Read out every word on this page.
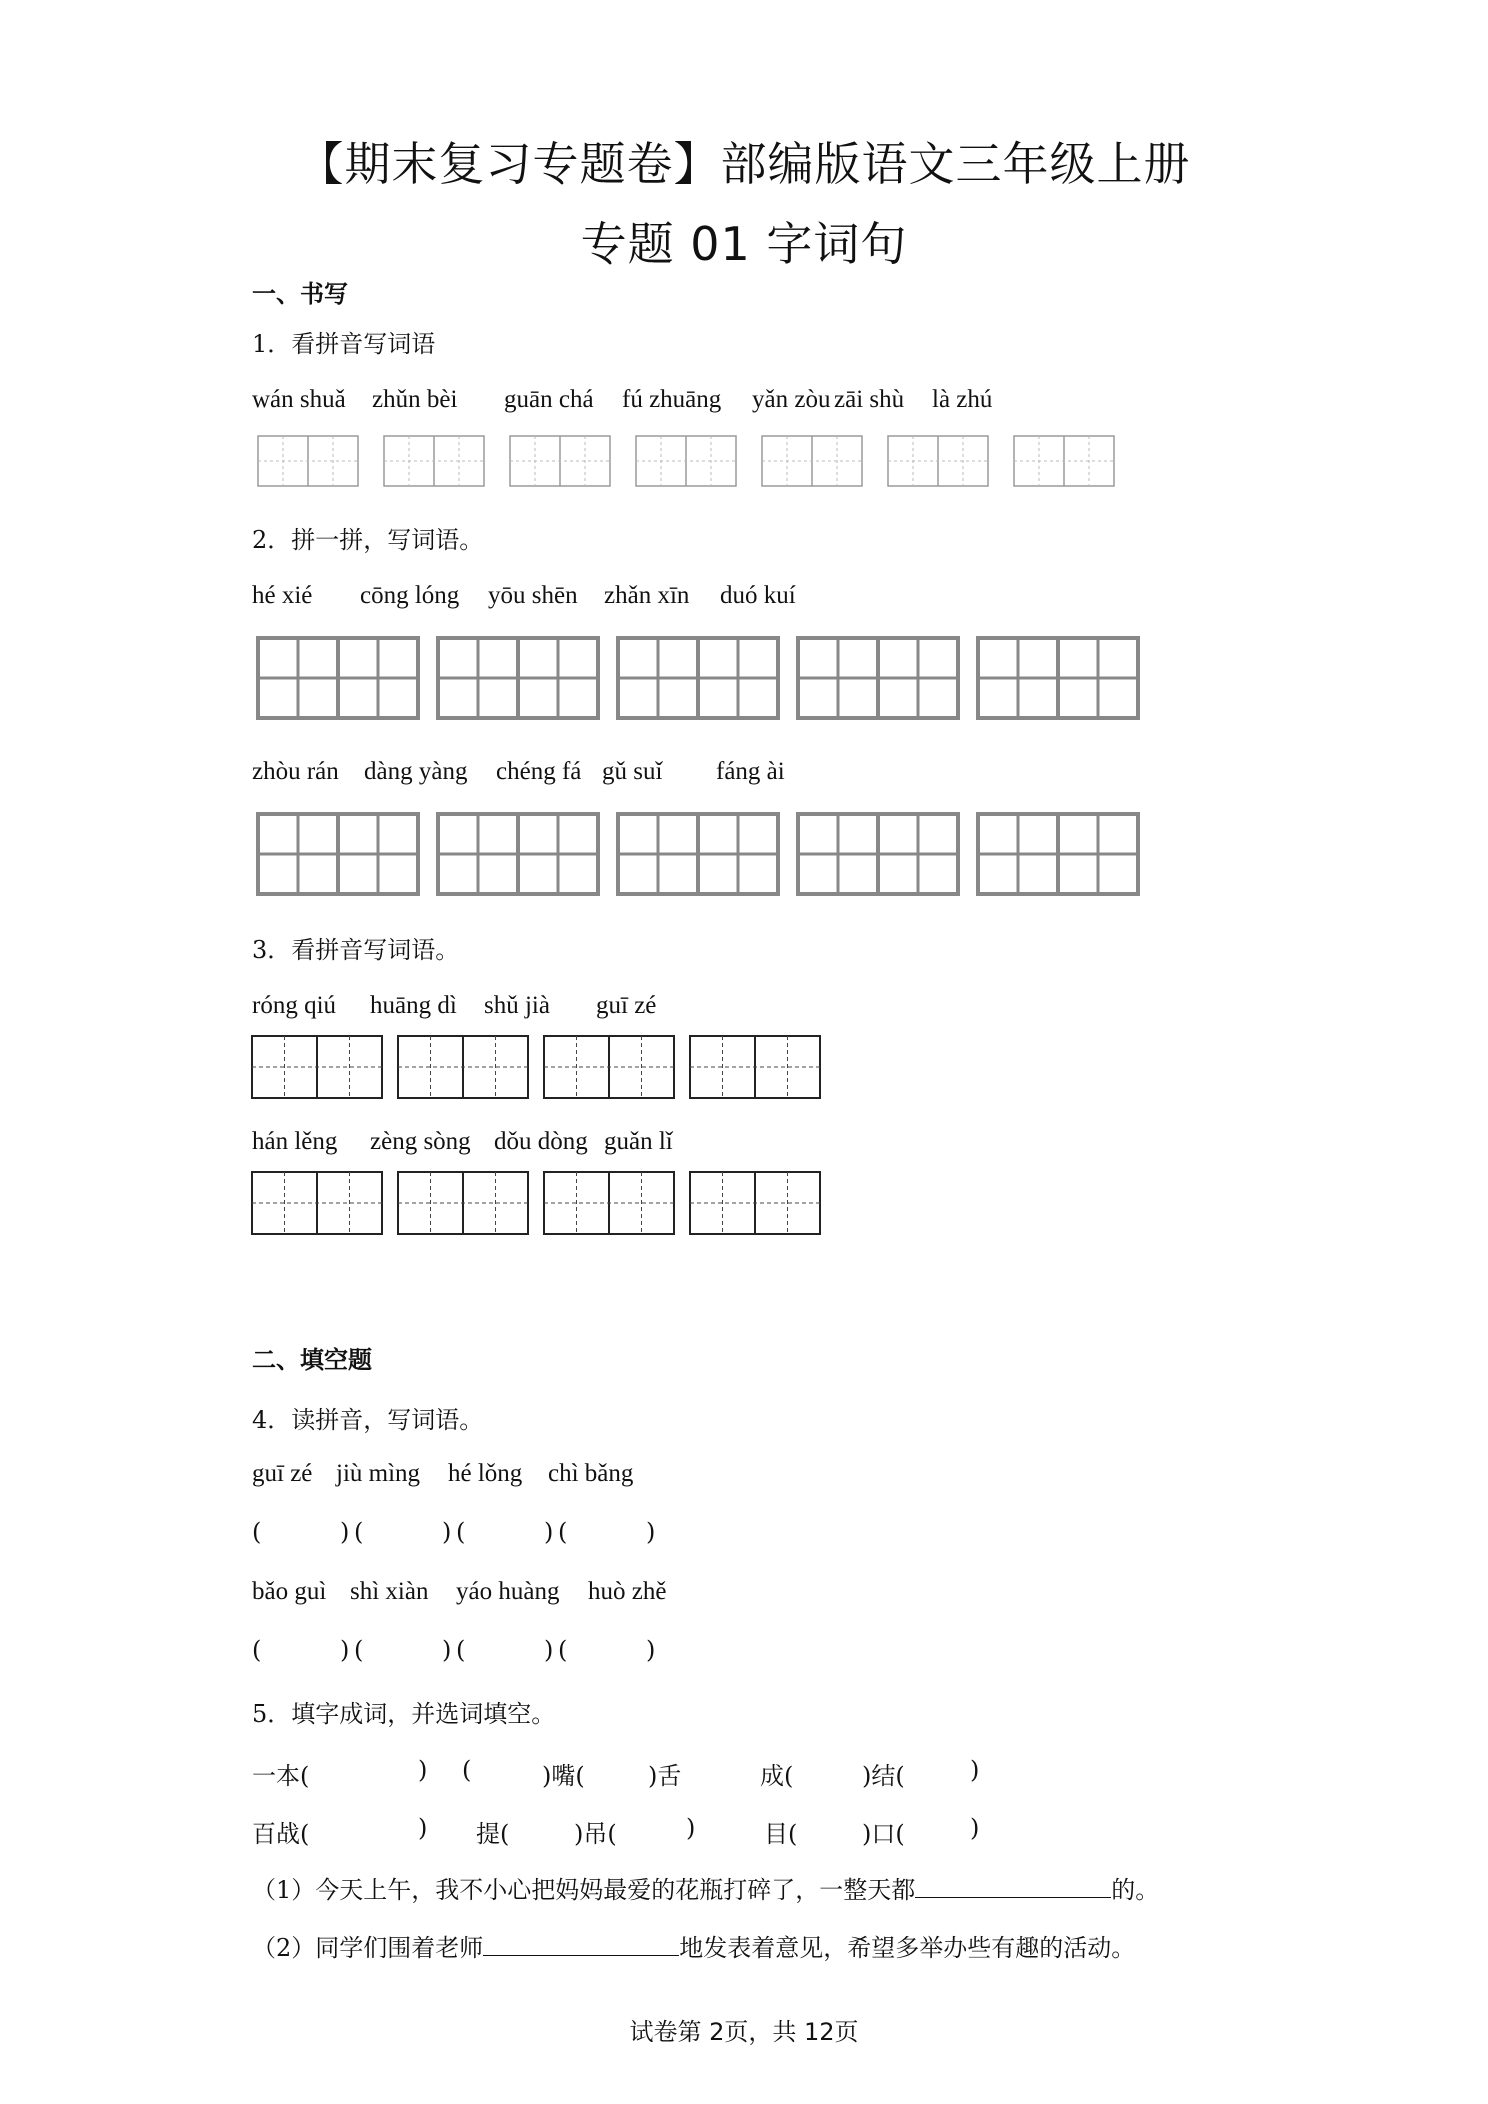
【期末复习专题卷】部编版语文三年级上册
专题 01 字词句
一、书写
1．看拼音写词语
wán shuǎ zhǔn bèi guān chá fú zhuāng yǎn zòu zāi shù là zhú
2．拼一拼，写词语。
hé xié cōng lóng yōu shēn zhǎn xīn duó kuí
zhòu rán dàng yàng chéng fá gǔ suǐ fáng ài
3．看拼音写词语。
róng qiú huāng dì shǔ jià guī zé
hán lěng zèng sòng dǒu dòng guǎn lǐ
二、填空题
4．读拼音，写词语。
guī zé jiù mìng hé lǒng chì bǎng
(	) (	) (	) (	)
bǎo guì shì xiàn yáo huàng huò zhě
(	) (	) (	) (	)
5．填字成词，并选词填空。
一本(	) (	)嘴(	)舌	成(	)结(	)
百战(	) 提(	)吊(	)	目(	)口(	)
（1）今天上午，我不小心把妈妈最爱的花瓶打碎了，一整天都	的。
（2）同学们围着老师	地发表着意见，希望多举办些有趣的活动。
试卷第 2页，共 12页
